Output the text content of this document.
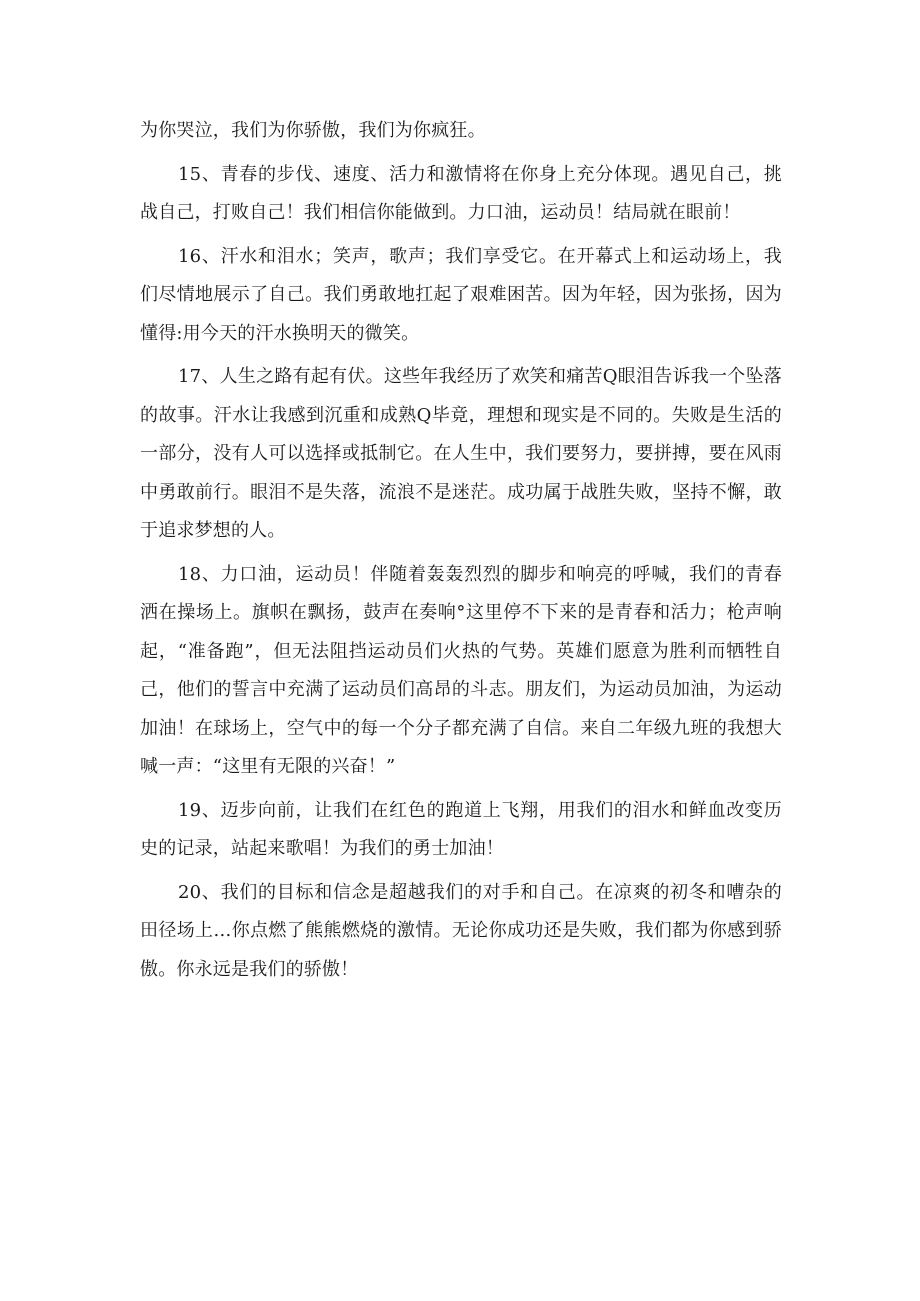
为你哭泣，我们为你骄傲，我们为你疯狂。

15、青春的步伐、速度、活力和激情将在你身上充分体现。遇见自己，挑战自己，打败自己！我们相信你能做到。力口油，运动员！结局就在眼前！

16、汗水和泪水；笑声，歌声；我们享受它。在开幕式上和运动场上，我们尽情地展示了自己。我们勇敢地扛起了艰难困苦。因为年轻，因为张扬，因为懂得:用今天的汗水换明天的微笑。

17、人生之路有起有伏。这些年我经历了欢笑和痛苦Q眼泪告诉我一个坠落的故事。汗水让我感到沉重和成熟Q毕竟，理想和现实是不同的。失败是生活的一部分，没有人可以选择或抵制它。在人生中，我们要努力，要拼搏，要在风雨中勇敢前行。眼泪不是失落，流浪不是迷茫。成功属于战胜失败，坚持不懈，敢于追求梦想的人。

18、力口油，运动员！伴随着轰轰烈烈的脚步和响亮的呼喊，我们的青春洒在操场上。旗帜在飘扬，鼓声在奏响°这里停不下来的是青春和活力；枪声响起，“准备跑”，但无法阻挡运动员们火热的气势。英雄们愿意为胜利而牺牲自己，他们的誓言中充满了运动员们高昂的斗志。朋友们，为运动员加油，为运动加油！在球场上，空气中的每一个分子都充满了自信。来自二年级九班的我想大喊一声：“这里有无限的兴奋！”

19、迈步向前，让我们在红色的跑道上飞翔，用我们的泪水和鲜血改变历史的记录，站起来歌唱！为我们的勇士加油！

20、我们的目标和信念是超越我们的对手和自己。在凉爽的初冬和嘈杂的田径场上…你点燃了熊熊燃烧的激情。无论你成功还是失败，我们都为你感到骄傲。你永远是我们的骄傲！
